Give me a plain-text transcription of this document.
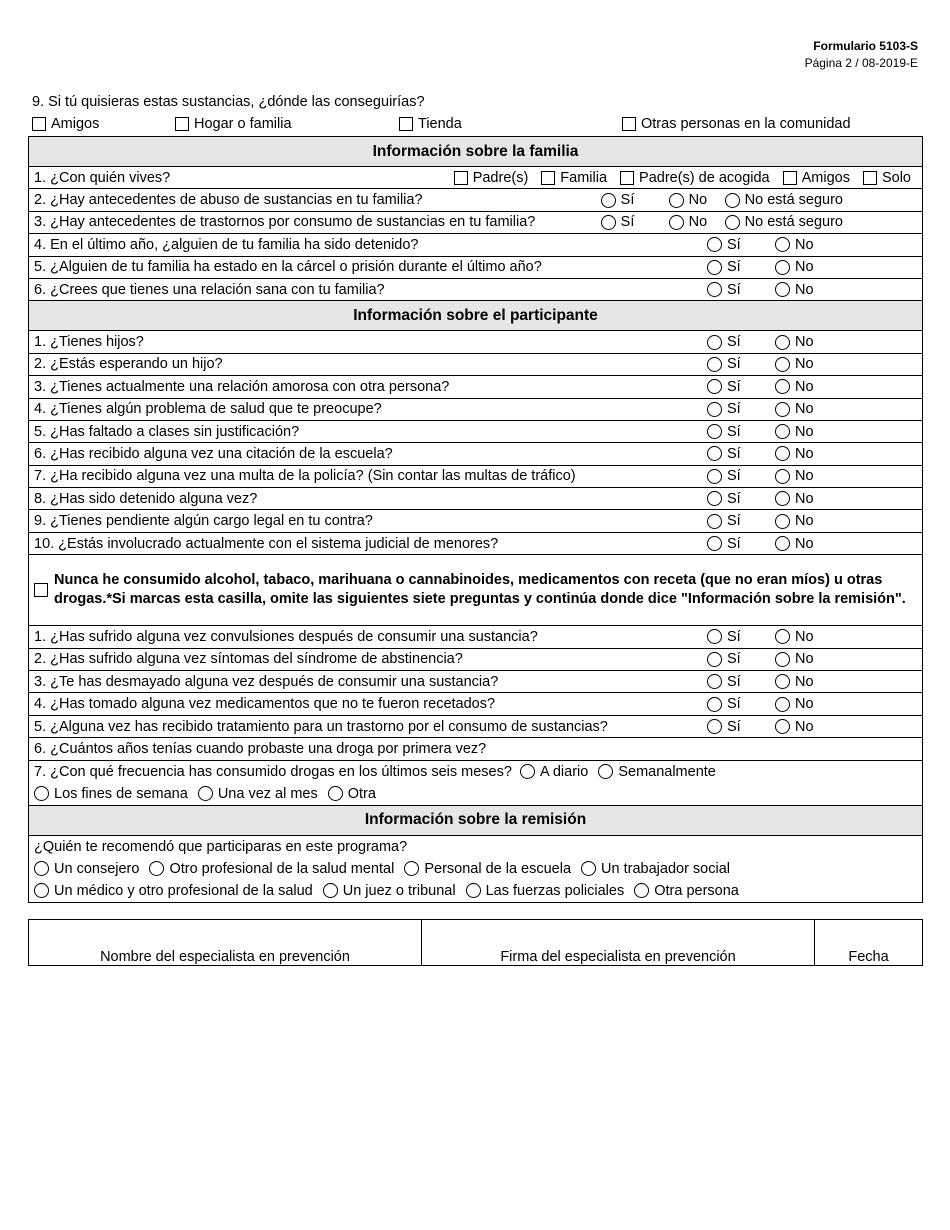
Formulario 5103-S
Página 2 / 08-2019-E
9. Si tú quisieras estas sustancias, ¿dónde las conseguirías?
Amigos	Hogar o familia	Tienda	Otras personas en la comunidad
Información sobre la familia

1. ¿Con quién vives?	Padre(s) Familia Padre(s) de acogida Amigos Solo

2. ¿Hay antecedentes de abuso de sustancias en tu familia?	Sí	No	No está seguro

3. ¿Hay antecedentes de trastornos por consumo de sustancias en tu familia?	Sí	No	No está seguro

4. En el último año, ¿alguien de tu familia ha sido detenido?	Sí	No

5. ¿Alguien de tu familia ha estado en la cárcel o prisión durante el último año?	Sí	No

6. ¿Crees que tienes una relación sana con tu familia?	Sí	No

Información sobre el participante

1. ¿Tienes hijos?	Sí	No

2. ¿Estás esperando un hijo?	Sí	No

3. ¿Tienes actualmente una relación amorosa con otra persona?	Sí	No

4. ¿Tienes algún problema de salud que te preocupe?	Sí	No

5. ¿Has faltado a clases sin justificación?	Sí	No

6. ¿Has recibido alguna vez una citación de la escuela?	Sí	No

7. ¿Ha recibido alguna vez una multa de la policía? (Sin contar las multas de tráfico)	Sí	No

8. ¿Has sido detenido alguna vez?	Sí	No

9. ¿Tienes pendiente algún cargo legal en tu contra?	Sí	No

10. ¿Estás involucrado actualmente con el sistema judicial de menores?	Sí	No

Nunca he consumido alcohol, tabaco, marihuana o cannabinoides, medicamentos con receta (que no eran míos) u otras drogas.*Si marcas esta casilla, omite las siguientes siete preguntas y continúa donde dice "Información sobre la remisión".

1. ¿Has sufrido alguna vez convulsiones después de consumir una sustancia?	Sí	No

2. ¿Has sufrido alguna vez síntomas del síndrome de abstinencia?	Sí	No

3. ¿Te has desmayado alguna vez después de consumir una sustancia?	Sí	No

4. ¿Has tomado alguna vez medicamentos que no te fueron recetados?	Sí	No

5. ¿Alguna vez has recibido tratamiento para un trastorno por el consumo de sustancias?	Sí	No

6. ¿Cuántos años tenías cuando probaste una droga por primera vez?

7. ¿Con qué frecuencia has consumido drogas en los últimos seis meses? A diario Semanalmente
Los fines de semana Una vez al mes Otra

Información sobre la remisión

¿Quién te recomendó que participaras en este programa?
Un consejero Otro profesional de la salud mental Personal de la escuela Un trabajador social
Un médico y otro profesional de la salud Un juez o tribunal Las fuerzas policiales Otra persona
Nombre del especialista en prevención	Firma del especialista en prevención	Fecha
